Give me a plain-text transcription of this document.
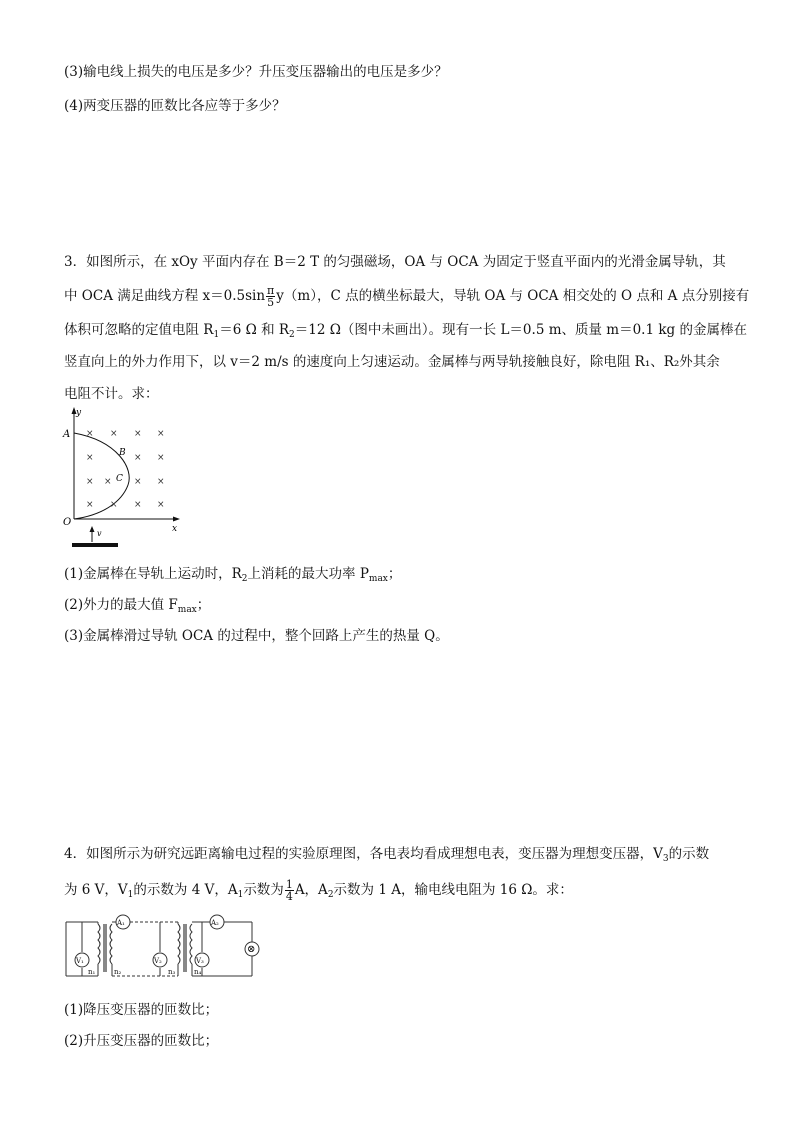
(3)输电线上损失的电压是多少？升压变压器输出的电压是多少？
(4)两变压器的匝数比各应等于多少？
3．如图所示，在 xOy 平面内存在 B＝2 T 的匀强磁场，OA 与 OCA 为固定于竖直平面内的光滑金属导轨，其
中 OCA 满足曲线方程 $x=0.5\sin \frac{\pi}{5} y(m)$，C 点的横坐标最大，导轨 OA 与 OCA 相交处的 O 点和 A 点分别接有
体积可忽略的定值电阻 $R_1=6$ Ω 和 $R_2=12$ Ω（图中未画出）。现有一长 L＝0.5 m、质量 m＝0.1 kg 的金属棒在
竖直向上的外力作用下，以 v＝2 m/s 的速度向上匀速运动。金属棒与两导轨接触良好，除电阻 R₁、R₂外其余
电阻不计。求：
y
x
A
B
C
O
× × × ×
×	× ×
× × × ×
× × × ×
v
(1)金属棒在导轨上运动时，$R_2$上消耗的最大功率 $P_{max}$；
(2)外力的最大值 $F_{max}$；
(3)金属棒滑过导轨 OCA 的过程中，整个回路上产生的热量 Q。
4．如图所示为研究远距离输电过程的实验原理图，各电表均看成理想电表，变压器为理想变压器，$V_3$的示数
为 6 V，$V_1$的示数为 4 V，$A_1$示数为 $\frac{1}{4}$ A，$A_2$示数为 1 A，输电线电阻为 16 Ω。求：
V₁
A₁
V₂
A₂
V₃
⊗
n₁	n₂	n₃	n₄
(1)降压变压器的匝数比；
(2)升压变压器的匝数比；
